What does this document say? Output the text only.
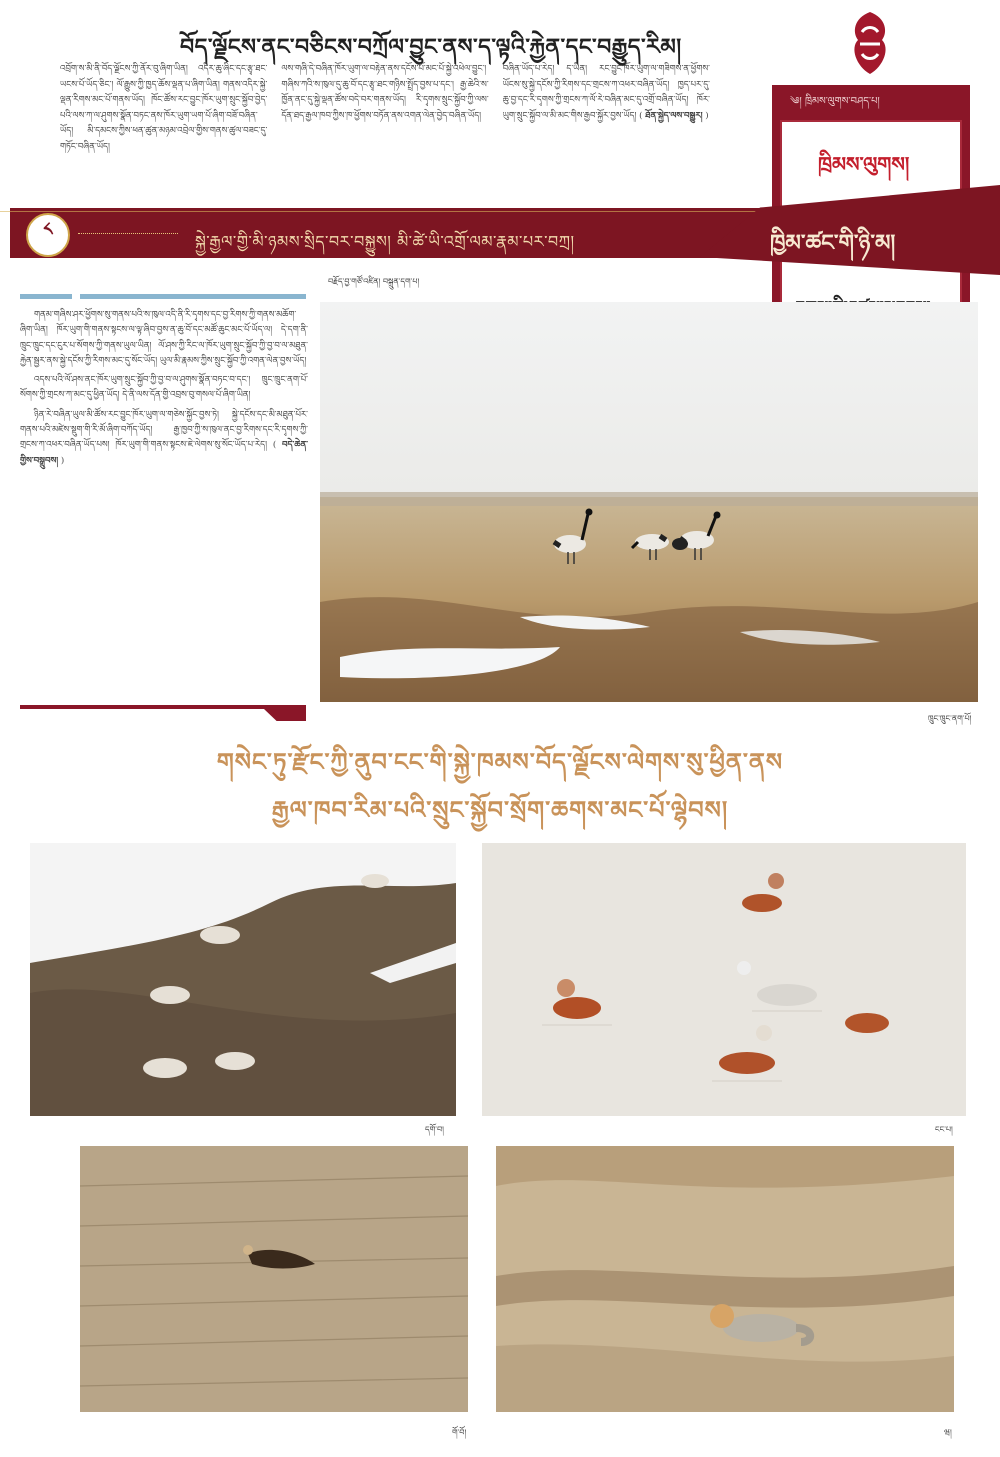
བོད་ལྗོངས་ནང་བཅིངས་བཀྲོལ་བྱུང་ནས་ད་ལྟའི་རྐྱེན་དང་བརྒྱུད་རིམ།
འབྲོག་ས་མི་ནི་བོད་ལྗོངས་ཀྱི་ནོར་བུ་ཞིག་ཡིན། འདིར་ཆུ་ཞིང་དང་རྩྭ་ཐང་ཡངས་པོ་ཡོད་ཅིང་། ལོ་རྒྱུས་ཀྱི་ཁྱད་ཆོས་ལྡན་པ་ཞིག་ཡིན། གནས་འདིར་སྐྱེ་ལྡན་རིགས་མང་པོ་གནས་ཡོད། ཁོང་ཚོས་རང་བྱུང་ཁོར་ཡུག་སྲུང་སྐྱོབ་བྱེད་པའི་ལས་ཀ་ལ་ཤུགས་སྣོན་བཏང་ནས་ཁོར་ཡུག་ཡག་པོ་ཞིག་བཟོ་བཞིན་ཡོད། མི་དམངས་ཀྱིས་ཕན་ཚུན་མཉམ་འབྲེལ་གྱིས་གནས་ཚུལ་བཟང་དུ་གཏོང་བཞིན་ཡོད།
ལས་གཞི་དེ་བཞིན་ཁོར་ཡུག་ལ་བརྟེན་ནས་དངོས་པོ་མང་པོ་སྐྱེ་འཕེལ་བྱུང་། གཞིས་ཀའི་ས་ཁུལ་དུ་ཆུ་བོ་དང་རྩྭ་ཐང་གཉིས་སྤྲོད་བྱས་པ་དང་། རྒྱ་ཆེའི་ས་ཁྱོན་ནང་དུ་སྐྱེ་ལྡན་ཚོས་བདེ་བར་གནས་ཡོད། རི་དྭགས་སྲུང་སྐྱོབ་ཀྱི་ལས་དོན་ཐད་རྒྱལ་ཁབ་ཀྱིས་ཁ་ཕྱོགས་བཏོན་ནས་འགན་ལེན་བྱེད་བཞིན་ཡོད།
བཞིན་ཡོད་པ་རེད། ད་ཡིན། རང་བྱུང་ཁོར་ཡུག་ལ་གཟིགས་ན་ཕྱོགས་ཡོངས་སུ་སྐྱེ་དངོས་ཀྱི་རིགས་དང་གྲངས་ཀ་འཕར་བཞིན་ཡོད། ཁྱད་པར་དུ་ཆུ་བྱ་དང་རི་དྭགས་ཀྱི་གྲངས་ཀ་ལོ་རེ་བཞིན་མང་དུ་འགྲོ་བཞིན་ཡོད། ཁོར་ཡུག་སྲུང་སྐྱོབ་ལ་མི་མང་གིས་རྒྱབ་སྐྱོར་བྱས་ཡོད། ( ཐོན་སྐྱེད་ལས་བསྒྱུར། )
༄། ཁྲིམས་ལུགས་བཤད་པ།
ཁྲིམས་ལུགས།
༨
སྐྱེ་རྒྱལ་གྱི་མི་ཉམས་སྲིད་བར་བསྐྱུས། མི་ཚེ་ཡི་འགྲོ་ལམ་རྣམ་པར་བཀྲ།	ཁྱིམ་ཚང་གི་ཉི་མ།
བརྗོད་བྱ་གཙོ་འཛིན། བསྐྲུན་དག་པ།

གནམ་གཞིས་ཤར་ཕྱོགས་སུ་གནས་པའི་ས་ཁུལ་འདི་ནི་རི་དྭགས་དང་བྱ་རིགས་ཀྱི་གནས་མཆོག་ཞིག་ཡིན། ཁོར་ཡུག་གི་གནས་སྟངས་ལ་ལྟ་ཞིབ་བྱས་ན་ཆུ་བོ་དང་མཚོ་ཆུང་མང་པོ་ཡོད་ལ། དེ་དག་ནི་ཁྲུང་ཁྲུང་དང་ངུར་པ་སོགས་ཀྱི་གནས་ཡུལ་ཡིན། ལོ་ཤས་ཀྱི་རིང་ལ་ཁོར་ཡུག་སྲུང་སྐྱོབ་ཀྱི་བྱ་བ་ལ་མཐུན་རྐྱེན་སྦྱར་ནས་སྐྱེ་དངོས་ཀྱི་རིགས་མང་དུ་སོང་ཡོད། ཡུལ་མི་རྣམས་ཀྱིས་སྲུང་སྐྱོབ་ཀྱི་འགན་ལེན་བྱས་ཡོད།

འདས་པའི་ལོ་ཤས་ནང་ཁོར་ཡུག་སྲུང་སྐྱོབ་ཀྱི་བྱ་བ་ལ་ཤུགས་སྣོན་བཏང་བ་དང་། ཁྲུང་ཁྲུང་ནག་པོ་སོགས་ཀྱི་གྲངས་ཀ་མང་དུ་ཕྱིན་ཡོད། དེ་ནི་ལས་དོན་གྱི་འབྲས་བུ་གསལ་པོ་ཞིག་ཡིན།

ཉིན་རེ་བཞིན་ཡུལ་མི་ཚོས་རང་བྱུང་ཁོར་ཡུག་ལ་གཅེས་སྐྱོང་བྱས་ཏེ། སྐྱེ་དངོས་དང་མི་མཐུན་པོར་གནས་པའི་མཛེས་སྡུག་གི་རི་མོ་ཞིག་བཀོད་ཡོད། རྒྱ་ཁྱབ་ཀྱི་ས་ཁུལ་ནང་བྱ་རིགས་དང་རི་དྭགས་ཀྱི་གྲངས་ཀ་འཕར་བཞིན་ཡོད་པས། ཁོར་ཡུག་གི་གནས་སྟངས་ཇེ་ལེགས་སུ་སོང་ཡོད་པ་རེད། ( བདེ་ཆེན་གྱིས་བསྒྲུབས། )

ཁྲུང་ཁྲུང་ནག་པོ།
གསེང་ཏུ་རྫོང་ཀྱི་ནུབ་ངང་གི་སྐྱེ་ཁམས་བོད་ལྗོངས་ལེགས་སུ་ཕྱིན་ནས
རྒྱལ་ཁབ་རིམ་པའི་སྲུང་སྐྱོབ་སྲོག་ཆགས་མང་པོ་ལྷེབས།
དགོ་བ།	ངང་པ།
གོ་བོ།	ཝ།
